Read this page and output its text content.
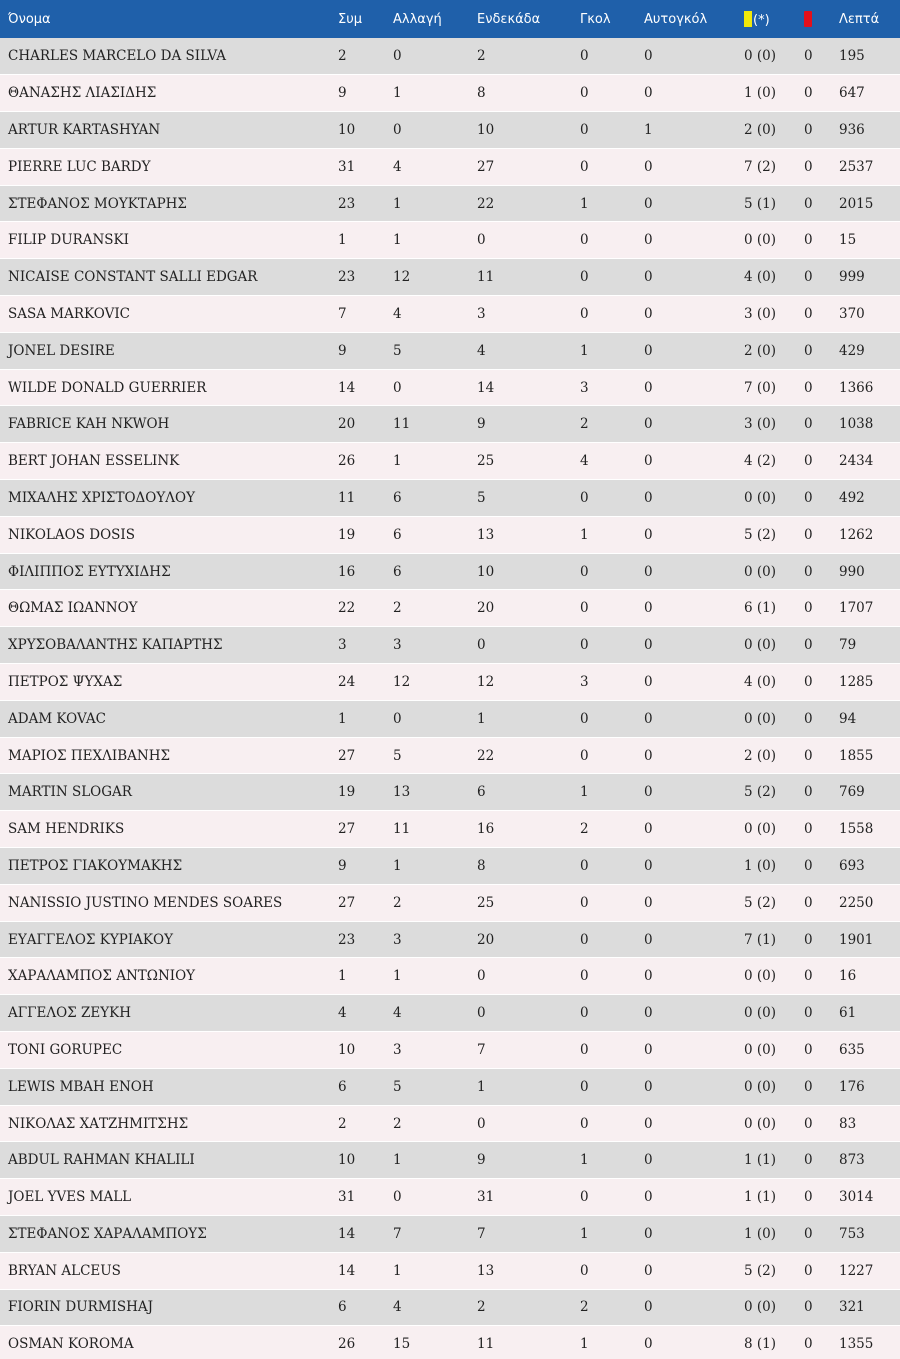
Όνομα	Συμ	Αλλαγή	Ενδεκάδα	Γκολ	Αυτογκόλ	(*)		Λεπτά
CHARLES MARCELO DA SILVA	2	0	2	0	0	0 (0)	0	195
ΘΑΝΑΣΗΣ ΛΙΑΣΙΔΗΣ	9	1	8	0	0	1 (0)	0	647
ARTUR KARTASHYAN	10	0	10	0	1	2 (0)	0	936
PIERRE LUC BARDY	31	4	27	0	0	7 (2)	0	2537
ΣΤΕΦΑΝΟΣ ΜΟΥΚΤΑΡΗΣ	23	1	22	1	0	5 (1)	0	2015
FILIP DURANSKI	1	1	0	0	0	0 (0)	0	15
NICAISE CONSTANT SALLI EDGAR	23	12	11	0	0	4 (0)	0	999
SASA MARKOVIC	7	4	3	0	0	3 (0)	0	370
JONEL DESIRE	9	5	4	1	0	2 (0)	0	429
WILDE DONALD GUERRIER	14	0	14	3	0	7 (0)	0	1366
FABRICE KAH NKWOH	20	11	9	2	0	3 (0)	0	1038
BERT JOHAN ESSELINK	26	1	25	4	0	4 (2)	0	2434
ΜΙΧΑΛΗΣ ΧΡΙΣΤΟΔΟΥΛΟΥ	11	6	5	0	0	0 (0)	0	492
NIKOLAOS DOSIS	19	6	13	1	0	5 (2)	0	1262
ΦΙΛΙΠΠΟΣ ΕΥΤΥΧΙΔΗΣ	16	6	10	0	0	0 (0)	0	990
ΘΩΜΑΣ ΙΩΑΝΝΟΥ	22	2	20	0	0	6 (1)	0	1707
ΧΡΥΣΟΒΑΛΑΝΤΗΣ ΚΑΠΑΡΤΗΣ	3	3	0	0	0	0 (0)	0	79
ΠΕΤΡΟΣ ΨΥΧΑΣ	24	12	12	3	0	4 (0)	0	1285
ADAM KOVAC	1	0	1	0	0	0 (0)	0	94
ΜΑΡΙΟΣ ΠΕΧΛΙΒΑΝΗΣ	27	5	22	0	0	2 (0)	0	1855
MARTIN SLOGAR	19	13	6	1	0	5 (2)	0	769
SAM HENDRIKS	27	11	16	2	0	0 (0)	0	1558
ΠΕΤΡΟΣ ΓΙΑΚΟΥΜΑΚΗΣ	9	1	8	0	0	1 (0)	0	693
NANISSIO JUSTINO MENDES SOARES	27	2	25	0	0	5 (2)	0	2250
ΕΥΑΓΓΕΛΟΣ ΚΥΡΙΑΚΟΥ	23	3	20	0	0	7 (1)	0	1901
ΧΑΡΑΛΑΜΠΟΣ ΑΝΤΩΝΙΟΥ	1	1	0	0	0	0 (0)	0	16
ΑΓΓΕΛΟΣ ΖΕΥΚΗ	4	4	0	0	0	0 (0)	0	61
TONI GORUPEC	10	3	7	0	0	0 (0)	0	635
LEWIS MBAH ENOH	6	5	1	0	0	0 (0)	0	176
ΝΙΚΟΛΑΣ ΧΑΤΖΗΜΙΤΣΗΣ	2	2	0	0	0	0 (0)	0	83
ABDUL RAHMAN KHALILI	10	1	9	1	0	1 (1)	0	873
JOEL YVES MALL	31	0	31	0	0	1 (1)	0	3014
ΣΤΕΦΑΝΟΣ ΧΑΡΑΛΑΜΠΟΥΣ	14	7	7	1	0	1 (0)	0	753
BRYAN ALCEUS	14	1	13	0	0	5 (2)	0	1227
FIORIN DURMISHAJ	6	4	2	2	0	0 (0)	0	321
OSMAN KOROMA	26	15	11	1	0	8 (1)	0	1355
